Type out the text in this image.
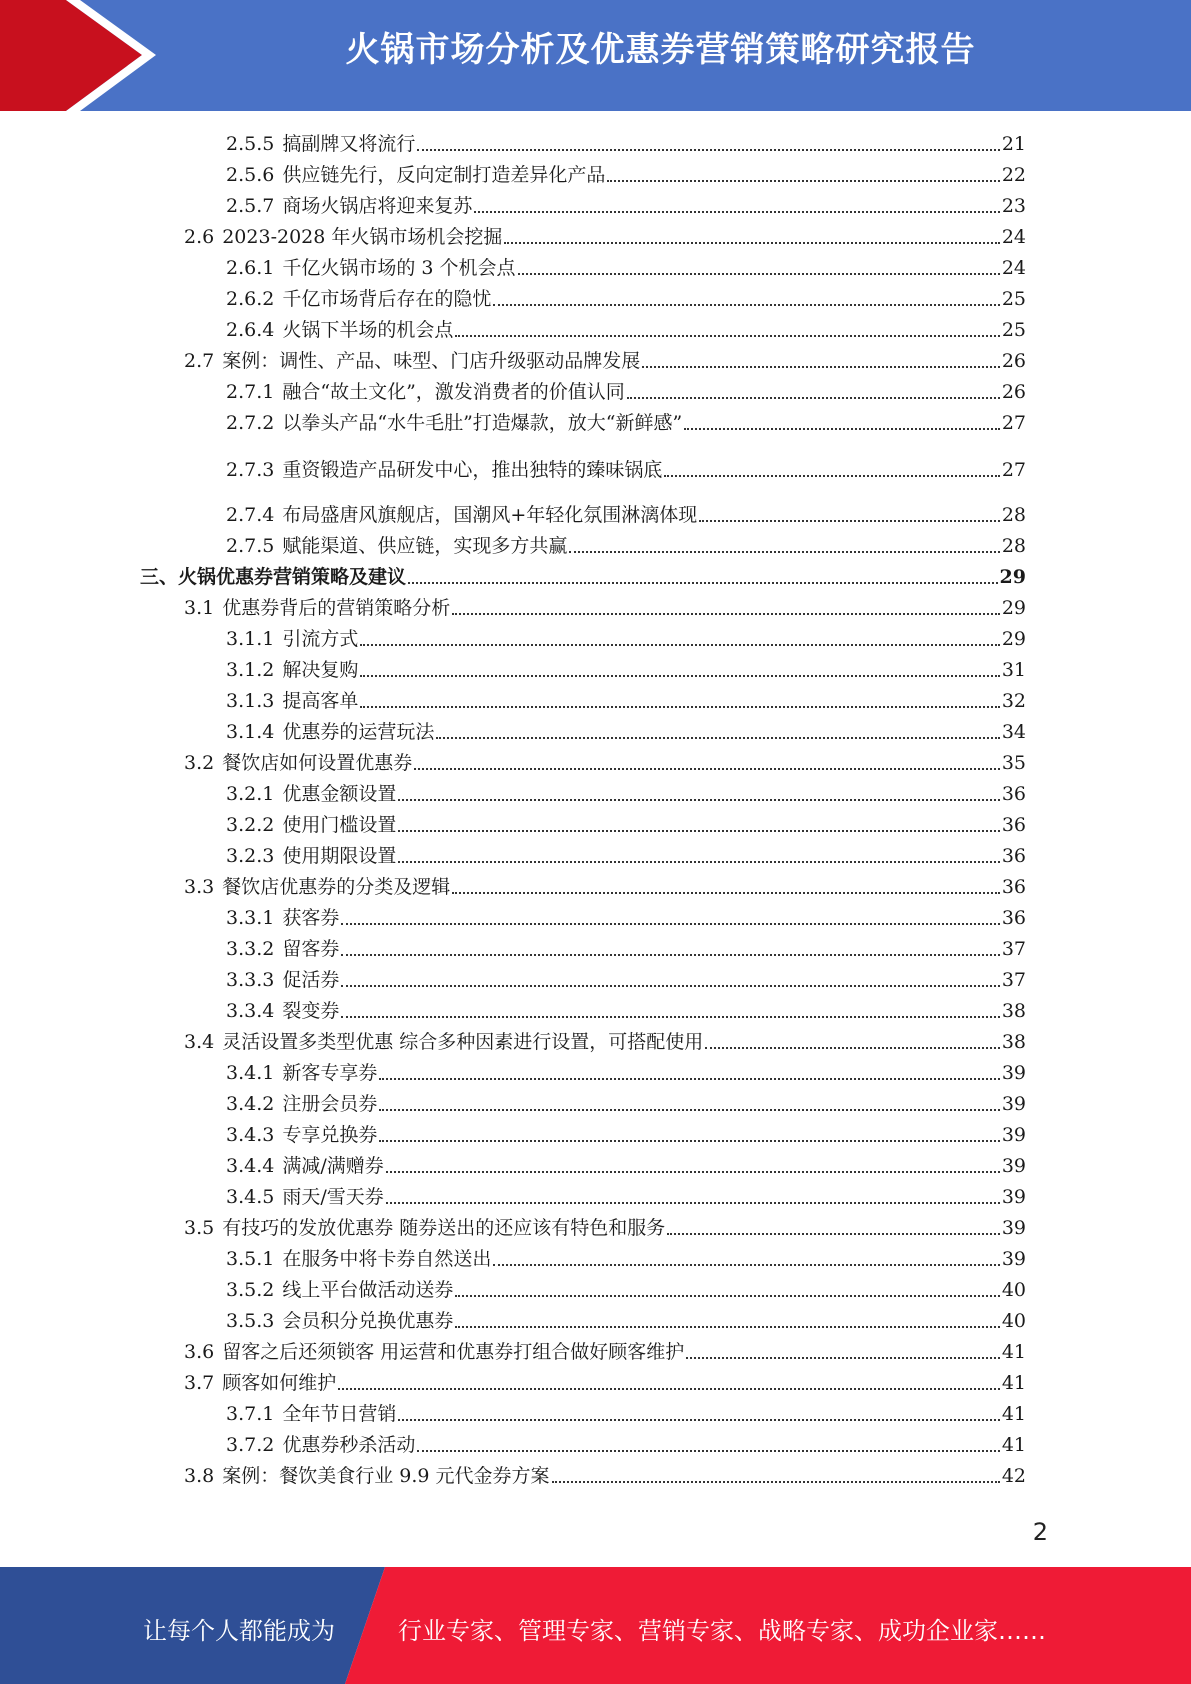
火锅市场分析及优惠券营销策略研究报告
2.5.5 搞副牌又将流行	21
2.5.6 供应链先行，反向定制打造差异化产品	22
2.5.7 商场火锅店将迎来复苏	23
2.6 2023-2028 年火锅市场机会挖掘	24
2.6.1 千亿火锅市场的 3 个机会点	24
2.6.2 千亿市场背后存在的隐忧	25
2.6.4 火锅下半场的机会点	25
2.7 案例：调性、产品、味型、门店升级驱动品牌发展	26
2.7.1 融合“故土文化”，激发消费者的价值认同	26
2.7.2 以拳头产品“水牛毛肚”打造爆款，放大“新鲜感”	27
2.7.3 重资锻造产品研发中心，推出独特的臻味锅底	27
2.7.4 布局盛唐风旗舰店，国潮风+年轻化氛围淋漓体现	28
2.7.5 赋能渠道、供应链，实现多方共赢	28
三、 火锅优惠券营销策略及建议	29
3.1 优惠券背后的营销策略分析	29
3.1.1 引流方式	29
3.1.2 解决复购	31
3.1.3 提高客单	32
3.1.4 优惠券的运营玩法	34
3.2 餐饮店如何设置优惠券	35
3.2.1 优惠金额设置	36
3.2.2 使用门槛设置	36
3.2.3 使用期限设置	36
3.3 餐饮店优惠券的分类及逻辑	36
3.3.1 获客券	36
3.3.2 留客券	37
3.3.3 促活券	37
3.3.4 裂变券	38
3.4 灵活设置多类型优惠 综合多种因素进行设置，可搭配使用	38
3.4.1 新客专享券	39
3.4.2 注册会员券	39
3.4.3 专享兑换券	39
3.4.4 满减/满赠券	39
3.4.5 雨天/雪天券	39
3.5 有技巧的发放优惠券 随券送出的还应该有特色和服务	39
3.5.1 在服务中将卡券自然送出	39
3.5.2 线上平台做活动送券	40
3.5.3 会员积分兑换优惠券	40
3.6 留客之后还须锁客 用运营和优惠券打组合做好顾客维护	41
3.7 顾客如何维护	41
3.7.1 全年节日营销	41
3.7.2 优惠券秒杀活动	41
3.8 案例：餐饮美食行业 9.9 元代金券方案	42
2
让每个人都能成为	行业专家、管理专家、营销专家、战略专家、成功企业家……
